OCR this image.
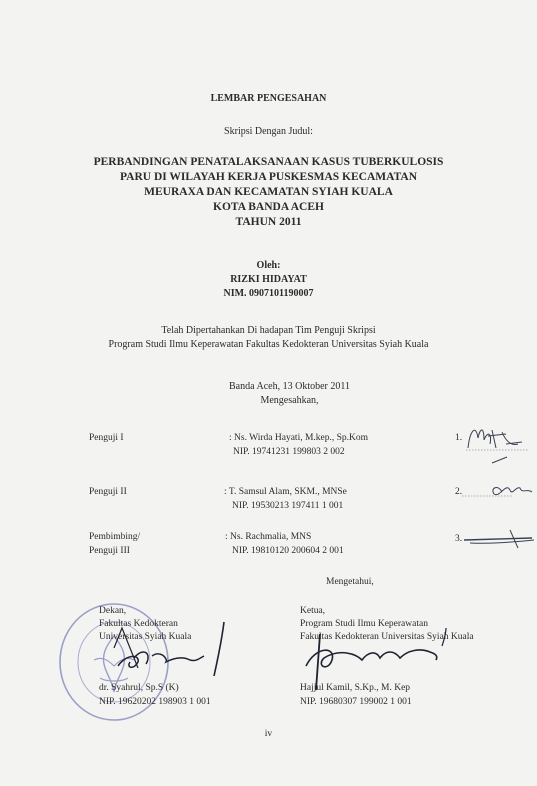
LEMBAR PENGESAHAN
Skripsi Dengan Judul:
PERBANDINGAN PENATALAKSANAAN KASUS TUBERKULOSIS
PARU DI WILAYAH KERJA PUSKESMAS KECAMATAN
MEURAXA DAN KECAMATAN SYIAH KUALA
KOTA BANDA ACEH
TAHUN 2011
Oleh:
RIZKI HIDAYAT
NIM. 0907101190007
Telah Dipertahankan Di hadapan Tim Penguji Skripsi
Program Studi Ilmu Keperawatan Fakultas Kedokteran Universitas Syiah Kuala
Banda Aceh, 13 Oktober 2011
Mengesahkan,
Penguji I	: Ns. Wirda Hayati, M.kep., Sp.Kom
NIP. 19741231 199803 2 002
1.
Penguji II	: T. Samsul Alam, SKM., MNSe
NIP. 19530213 197411 1 001
2.
Pembimbing/
Penguji III
: Ns. Rachmalia, MNS
NIP. 19810120 200604 2 001
3.
Mengetahui,
Dekan,
Fakultas Kedokteran
Universitas Syiah Kuala
dr. Syahrul, Sp.S (K)
NIP. 19620202 198903 1 001
Ketua,
Program Studi Ilmu Keperawatan
Fakultas Kedokteran Universitas Syiah Kuala
Hajjul Kamil, S.Kp., M. Kep
NIP. 19680307 199002 1 001
iv
